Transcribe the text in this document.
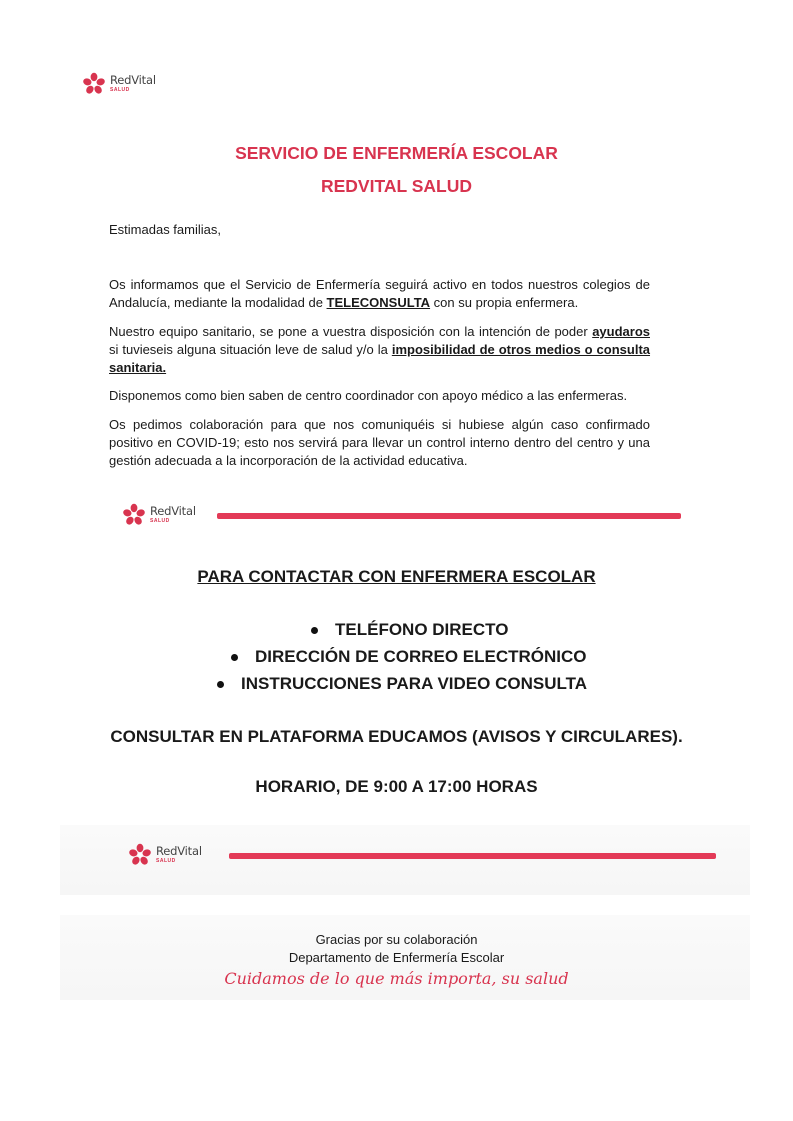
RedVital
SALUD
SERVICIO DE ENFERMERÍA ESCOLAR
REDVITAL SALUD
Estimadas familias,
Os informamos que el Servicio de Enfermería seguirá activo en todos nuestros colegios de Andalucía, mediante la modalidad de TELECONSULTA con su propia enfermera.
Nuestro equipo sanitario, se pone a vuestra disposición con la intención de poder ayudaros si tuvieseis alguna situación leve de salud y/o la imposibilidad de otros medios o consulta sanitaria.
Disponemos como bien saben de centro coordinador con apoyo médico a las enfermeras.
Os pedimos colaboración para que nos comuniquéis si hubiese algún caso confirmado positivo en COVID-19; esto nos servirá para llevar un control interno dentro del centro y una gestión adecuada a la incorporación de la actividad educativa.
RedVital
SALUD
PARA CONTACTAR CON ENFERMERA ESCOLAR
TELÉFONO DIRECTO
DIRECCIÓN DE CORREO ELECTRÓNICO
INSTRUCCIONES PARA VIDEO CONSULTA
CONSULTAR EN PLATAFORMA EDUCAMOS (AVISOS Y CIRCULARES).
HORARIO, DE 9:00 A 17:00 HORAS
RedVital
SALUD
Gracias por su colaboración
Departamento de Enfermería Escolar
Cuidamos de lo que más importa, su salud
